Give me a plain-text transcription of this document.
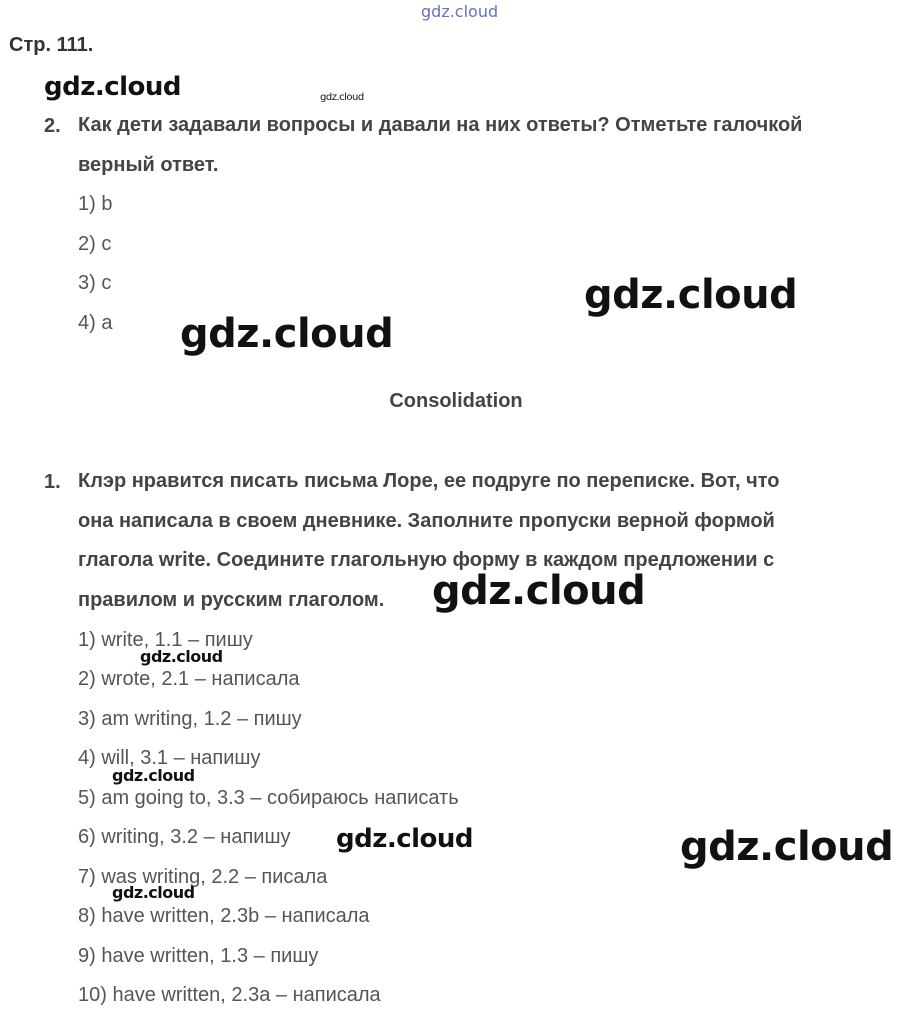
gdz.cloud
Стр. 111.
gdz.cloud	gdz.cloud
2. Как дети задавали вопросы и давали на них ответы? Отметьте галочкой
верный ответ.
1) b
2) c
3) c
4) a
gdz.cloud
gdz.cloud
Consolidation
1. Клэр нравится писать письма Лоре, ее подруге по переписке. Вот, что
она написала в своем дневнике. Заполните пропуски верной формой
глагола write. Соедините глагольную форму в каждом предложении с
правилом и русским глаголом.	gdz.cloud
1) write, 1.1 – пишу
2) wrote, 2.1 – написала
3) am writing, 1.2 – пишу
4) will, 3.1 – напишу
5) am going to, 3.3 – собираюсь написать
6) writing, 3.2 – напишу
7) was writing, 2.2 – писала
8) have written, 2.3b – написала
9) have written, 1.3 – пишу
10) have written, 2.3a – написала
gdz.cloud
gdz.cloud
gdz.cloud	gdz.cloud
gdz.cloud
